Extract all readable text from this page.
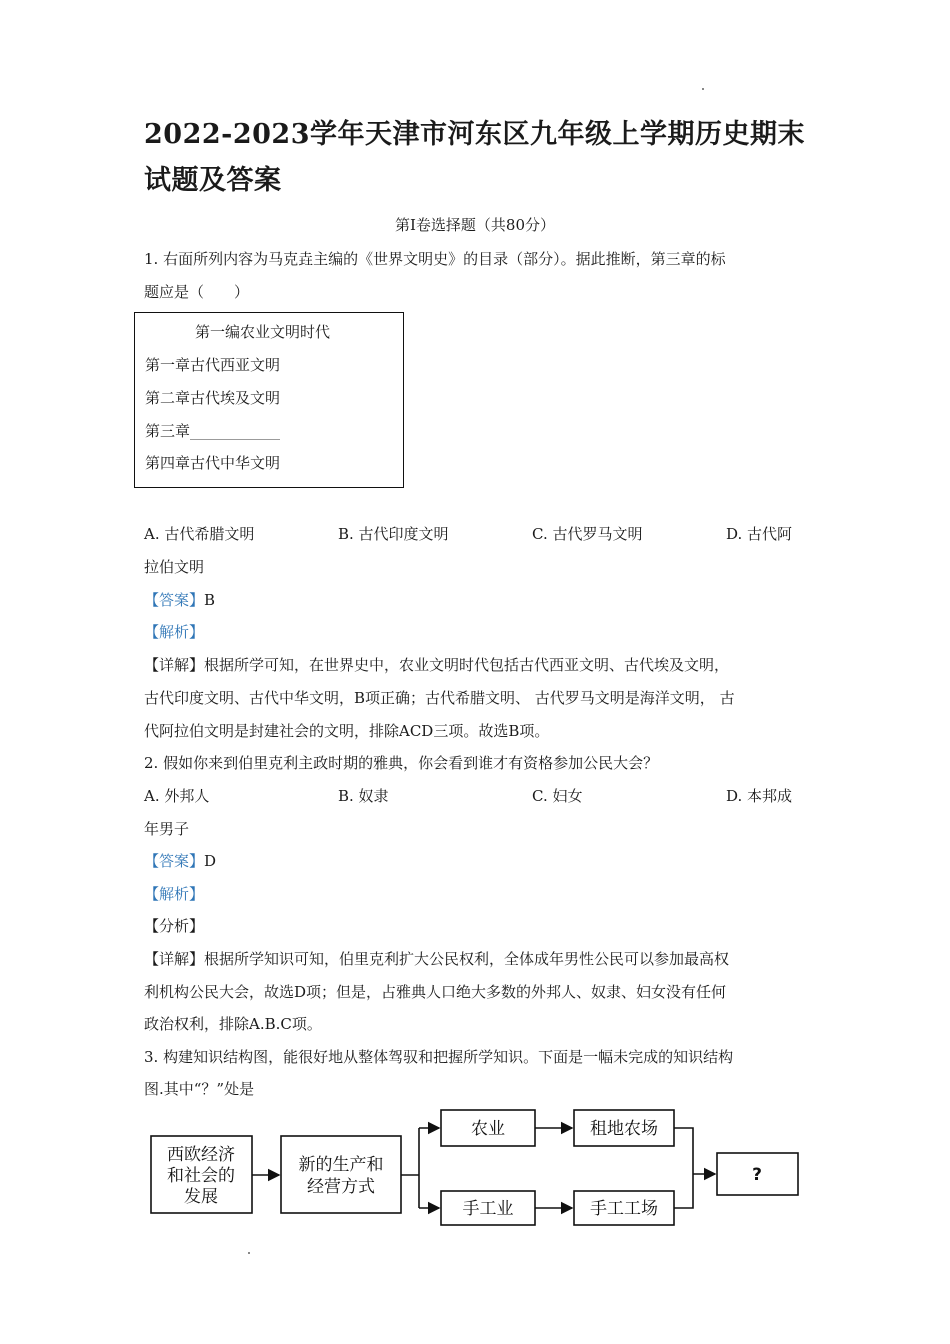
2022-2023学年天津市河东区九年级上学期历史期末试题及答案
第Ⅰ卷选择题（共80分）
1. 右面所列内容为马克垚主编的《世界文明史》的目录（部分）。据此推断，第三章的标
题应是（　　）
第一编农业文明时代
第一章古代西亚文明
第二章古代埃及文明
第三章____________
第四章古代中华文明
A. 古代希腊文明	B. 古代印度文明	C. 古代罗马文明	D. 古代阿
拉伯文明
【答案】B
【解析】
【详解】根据所学可知，在世界史中，农业文明时代包括古代西亚文明、古代埃及文明，
古代印度文明、古代中华文明，B项正确；古代希腊文明、 古代罗马文明是海洋文明， 古
代阿拉伯文明是封建社会的文明，排除ACD三项。故选B项。
2. 假如你来到伯里克利主政时期的雅典，你会看到谁才有资格参加公民大会？
A. 外邦人	B. 奴隶	C. 妇女	D. 本邦成
年男子
【答案】D
【解析】
【分析】
【详解】根据所学知识可知，伯里克利扩大公民权利，全体成年男性公民可以参加最高权
利机构公民大会，故选D项；但是，占雅典人口绝大多数的外邦人、奴隶、妇女没有任何
政治权利，排除A.B.C项。
3. 构建知识结构图，能很好地从整体驾驭和把握所学知识。下面是一幅未完成的知识结构
图.其中“？”处是
西欧经济
和社会的
发展
新的生产和
经营方式
农业	租地农场
手工业	手工工场
?
